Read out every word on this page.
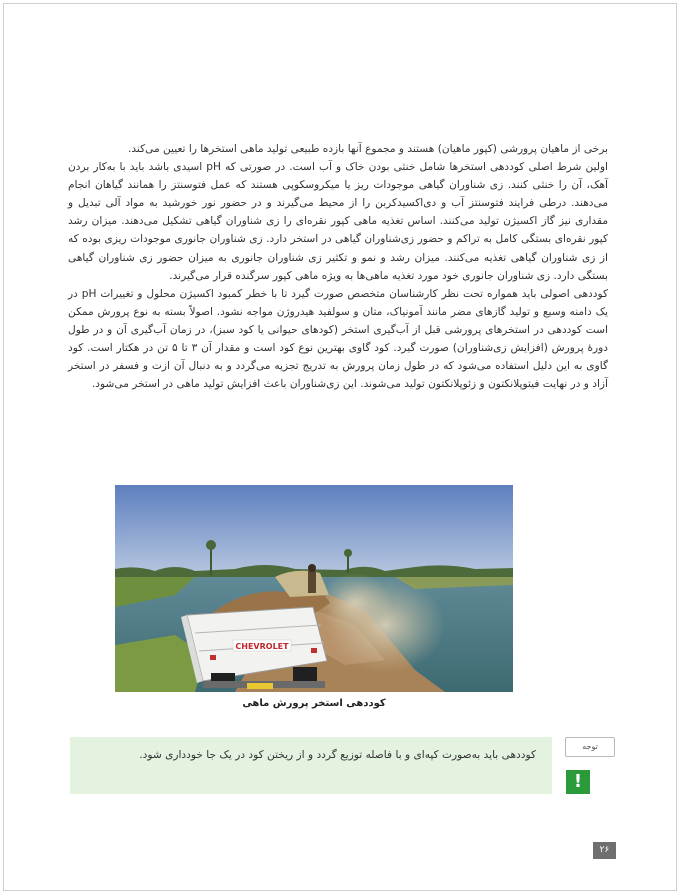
برخی از ماهیان پرورشی (کپور ماهیان) هستند و مجموع آنها بازده طبیعی تولید ماهی استخرها را تعیین می‌کند.

اولین شرط اصلی کوددهی استخرها شامل خنثی بودن خاک و آب است. در صورتی که pH اسیدی باشد باید با به‌کار بردن آهک، آن را خنثی کنند. زی شناوران گیاهی موجودات ریز یا میکروسکوپی هستند که عمل فتوسنتز را همانند گیاهان انجام می‌دهند. درطی فرایند فتوسنتز آب و دی‌اکسیدکربن را از محیط می‌گیرند و در حضور نور خورشید به مواد آلی تبدیل و مقداری نیز گاز اکسیژن تولید می‌کنند. اساس تغذیه ماهی کپور نقره‌ای را زی شناوران گیاهی تشکیل می‌دهند. میزان رشد کپور نقره‌ای بستگی کامل به تراکم و حضور زی‌شناوران گیاهی در استخر دارد. زی شناوران جانوری موجودات ریزی بوده که از زی شناوران گیاهی تغذیه می‌کنند. میزان رشد و نمو و تکثیر زی شناوران جانوری به میزان حضور زی شناوران گیاهی بستگی دارد. زی شناوران جانوری خود مورد تغذیه ماهی‌ها به ویژه ماهی کپور سرگنده قرار می‌گیرند.

کوددهی اصولی باید همواره تحت نظر کارشناسان متخصص صورت گیرد تا با خطر کمبود اکسیژن محلول و تغییرات pH در یک دامنه وسیع و تولید گازهای مضر مانند آمونیاک، متان و سولفید هیدروژن مواجه نشود. اصولاً بسته به نوع پرورش ممکن است کوددهی در استخرهای پرورشی قبل از آب‌گیری استخر (کودهای حیوانی یا کود سبز)، در زمان آب‌گیری آن و در طول دورۀ پرورش (افزایش زی‌شناوران) صورت گیرد. کود گاوی بهترین نوع کود است و مقدار آن ۳ تا ۵ تن در هکتار است. کود گاوی به این دلیل استفاده می‌شود که در طول زمان پرورش به تدریج تجزیه می‌گردد و به دنبال آن ازت و فسفر در استخر آزاد و در نهایت فیتوپلانکتون و زئوپلانکتون تولید می‌شوند. این زی‌شناوران باعث افزایش تولید ماهی در استخر می‌شود.

CHEVROLET
کوددهی استخر پرورش ماهی
کوددهی باید به‌صورت کپه‌ای و با فاصله توزیع گردد و از ریختن کود در یک جا خودداری شود.
توجه
!
۲۶
